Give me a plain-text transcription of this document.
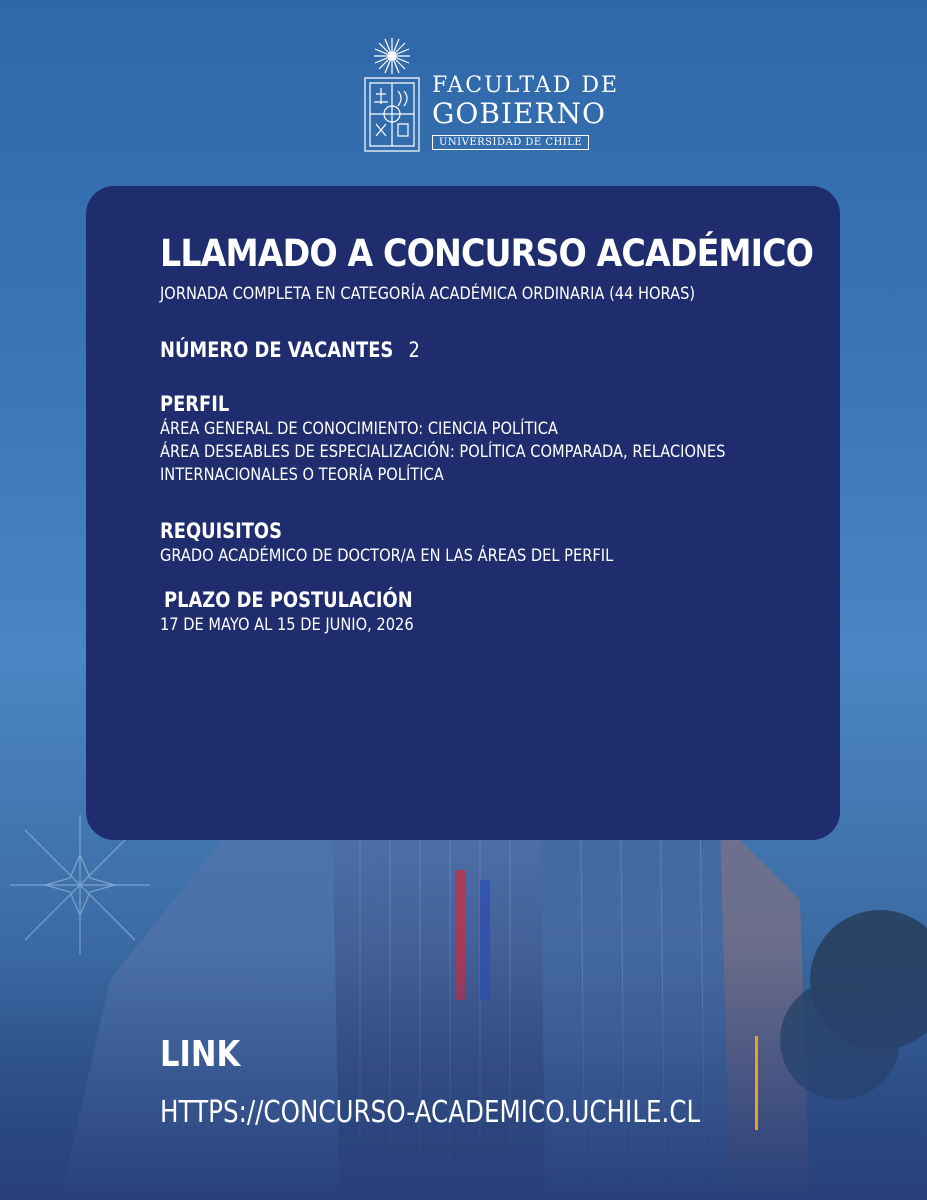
FACULTAD DE
GOBIERNO
UNIVERSIDAD DE CHILE
LLAMADO A CONCURSO ACADÉMICO

JORNADA COMPLETA EN CATEGORÍA ACADÉMICA ORDINARIA (44 HORAS)

NÚMERO DE VACANTES 2

PERFIL

ÁREA GENERAL DE CONOCIMIENTO: CIENCIA POLÍTICA

ÁREA DESEABLES DE ESPECIALIZACIÓN: POLÍTICA COMPARADA, RELACIONES

INTERNACIONALES O TEORÍA POLÍTICA

REQUISITOS

GRADO ACADÉMICO DE DOCTOR/A EN LAS ÁREAS DEL PERFIL

PLAZO DE POSTULACIÓN

17 DE MAYO AL 15 DE JUNIO, 2026

LINK
HTTPS://CONCURSO-ACADEMICO.UCHILE.CL
